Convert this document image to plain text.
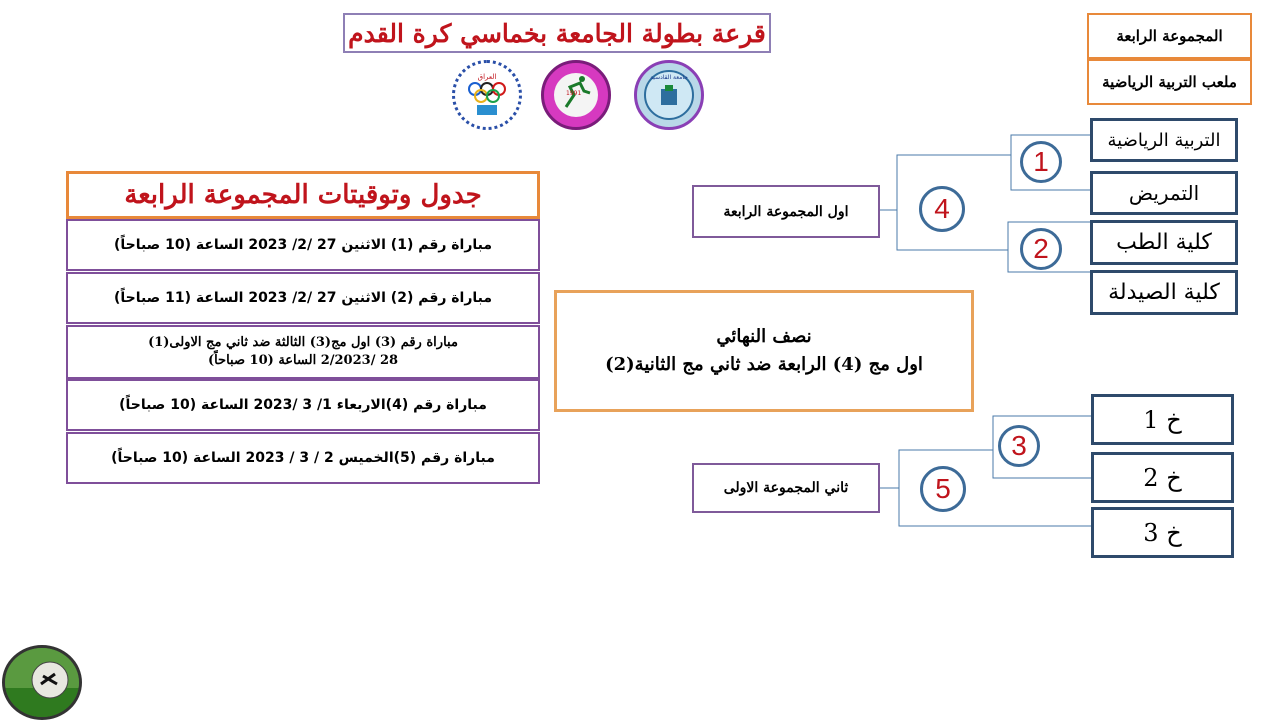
قرعة بطولة الجامعة بخماسي كرة القدم
العراق
1991
جامعة القادسية
المجموعة الرابعة
ملعب التربية الرياضية
جدول وتوقيتات المجموعة الرابعة
مباراة رقم (1) الاثنين 27 /2/ 2023 الساعة (10 صباحاً)
مباراة رقم (2) الاثنين 27 /2/ 2023 الساعة (11 صباحاً)
مباراة رقم (3) اول مج(3) الثالثة ضد ثاني مج الاولى(1)
28 /2/2023 الساعة (10 صباحاً)
مباراة رقم (4)الاربعاء 1/ 3 /2023 الساعة (10 صباحاً)
مباراة رقم (5)الخميس 2 / 3 / 2023 الساعة (10 صباحاً)
نصف النهائي
اول مج (4) الرابعة ضد ثاني مج الثانية(2)
اول المجموعة الرابعة
ثاني المجموعة الاولى
التربية الرياضية
التمريض
كلية الطب
كلية الصيدلة
خ 1
خ 2
خ 3
1
2
3
4
5
